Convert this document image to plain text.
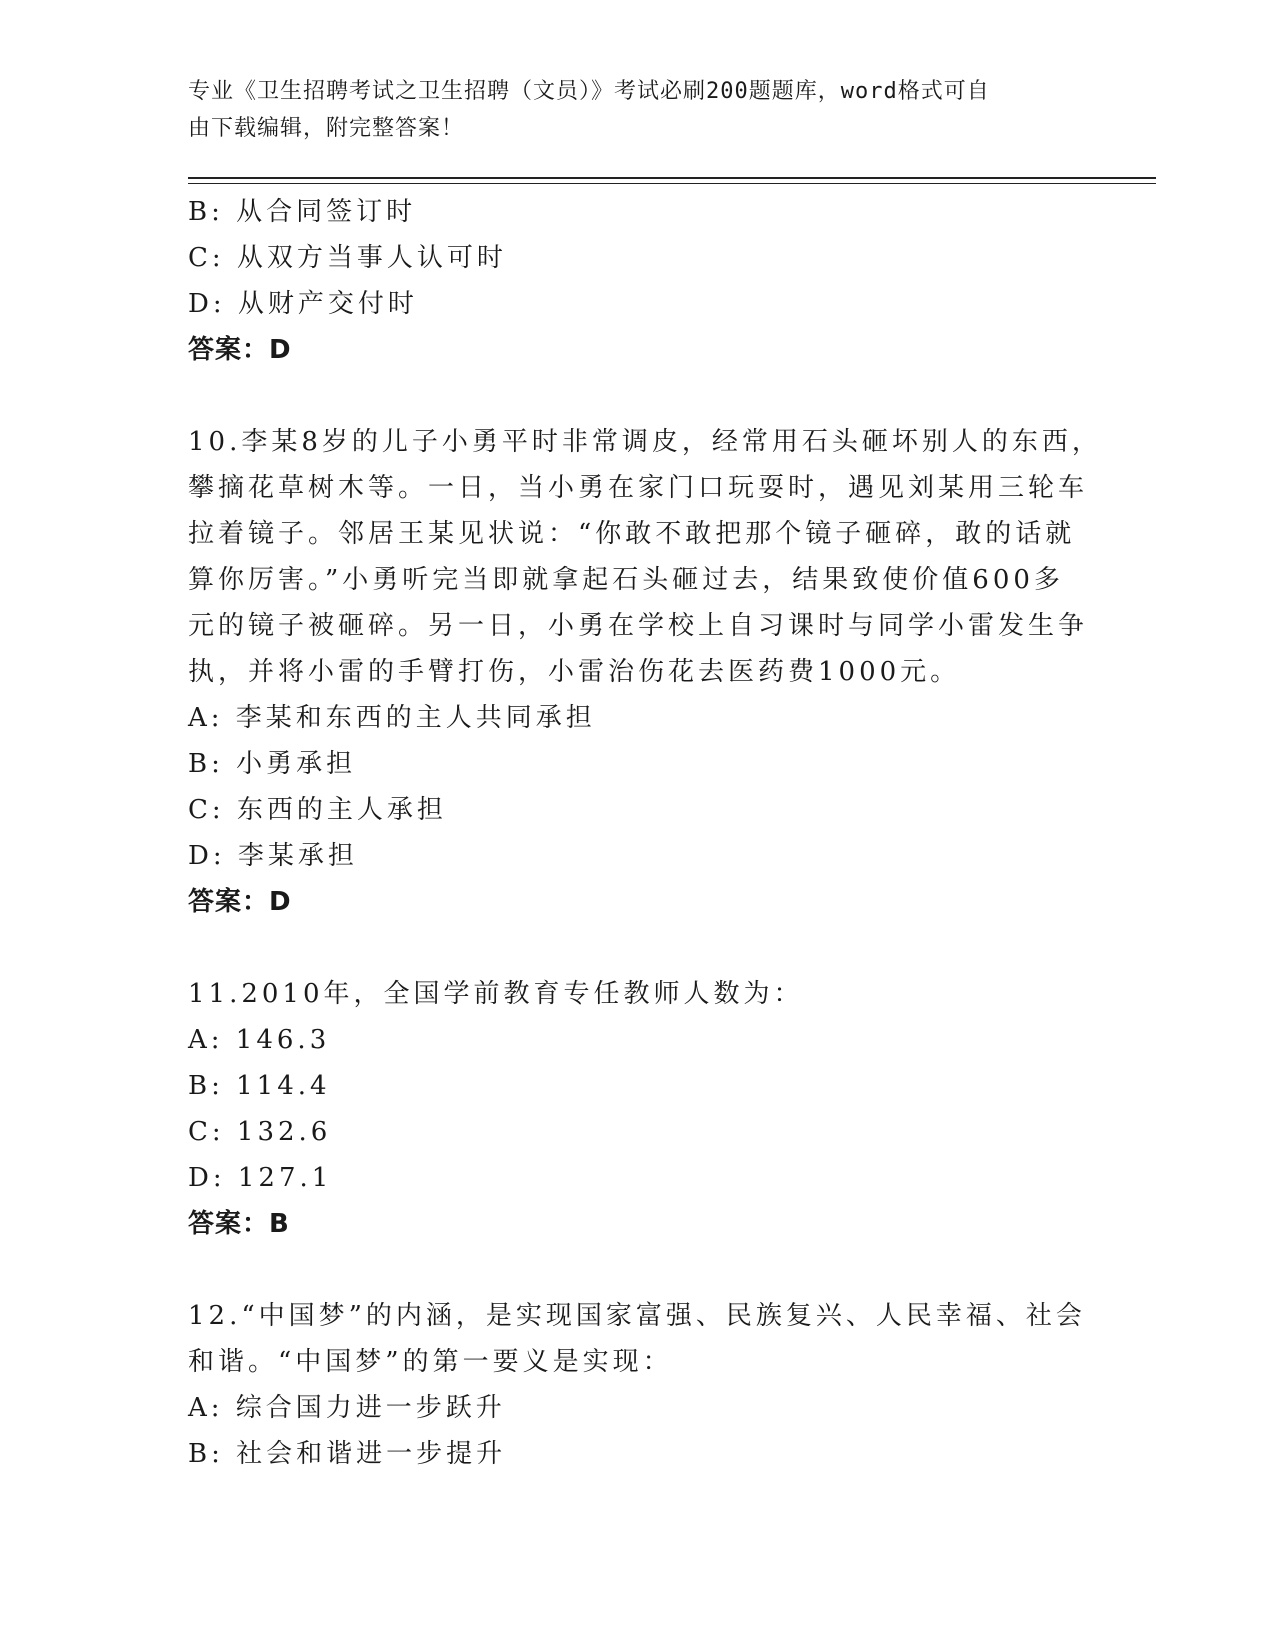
专业《卫生招聘考试之卫生招聘（文员）》考试必刷200题题库，word格式可自
由下载编辑，附完整答案！
B: 从合同签订时
C: 从双方当事人认可时
D: 从财产交付时
答案：D
10.李某8岁的儿子小勇平时非常调皮，经常用石头砸坏别人的东西，
攀摘花草树木等。一日，当小勇在家门口玩耍时，遇见刘某用三轮车
拉着镜子。邻居王某见状说：“你敢不敢把那个镜子砸碎，敢的话就
算你厉害。”小勇听完当即就拿起石头砸过去，结果致使价值600多
元的镜子被砸碎。另一日，小勇在学校上自习课时与同学小雷发生争
执，并将小雷的手臂打伤，小雷治伤花去医药费1000元。
A: 李某和东西的主人共同承担
B: 小勇承担
C: 东西的主人承担
D: 李某承担
答案：D
11.2010年，全国学前教育专任教师人数为：
A: 146.3
B: 114.4
C: 132.6
D: 127.1
答案：B
12.“中国梦”的内涵，是实现国家富强、民族复兴、人民幸福、社会
和谐。“中国梦”的第一要义是实现：
A: 综合国力进一步跃升
B: 社会和谐进一步提升
